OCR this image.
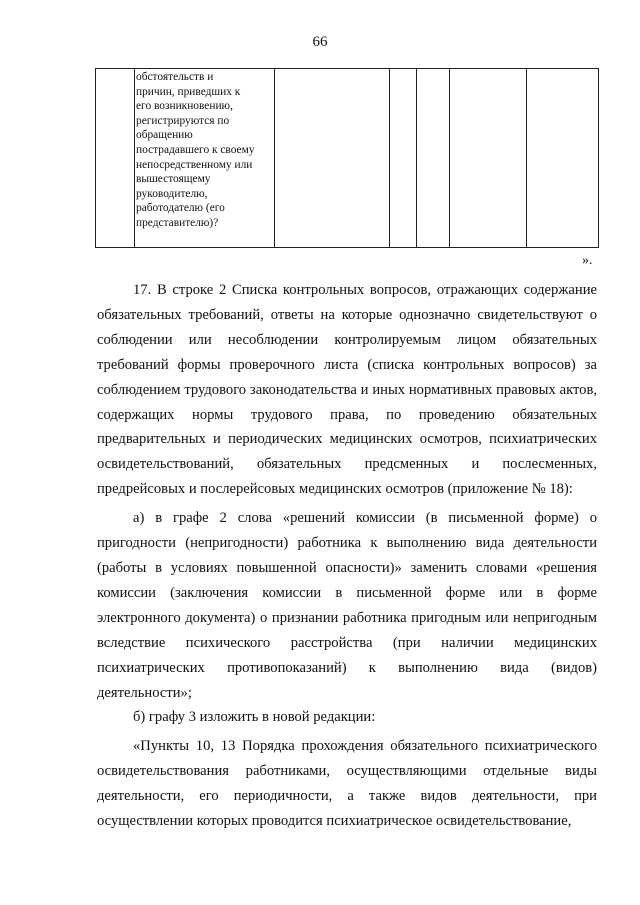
66

обстоятельств и
причин, приведших к
его возникновению,
регистрируются по
обращению
пострадавшего к своему
непосредственному или
вышестоящему
руководителю,
работодателю (его
представителю)?

».

17. В строке 2 Списка контрольных вопросов, отражающих содержание обязательных требований, ответы на которые однозначно свидетельствуют о соблюдении или несоблюдении контролируемым лицом обязательных требований формы проверочного листа (списка контрольных вопросов) за соблюдением трудового законодательства и иных нормативных правовых актов, содержащих нормы трудового права, по проведению обязательных предварительных и периодических медицинских осмотров, психиатрических освидетельствований, обязательных предсменных и послесменных, предрейсовых и послерейсовых медицинских осмотров (приложение № 18):

а) в графе 2 слова «решений комиссии (в письменной форме) о пригодности (непригодности) работника к выполнению вида деятельности (работы в условиях повышенной опасности)» заменить словами «решения комиссии (заключения комиссии в письменной форме или в форме электронного документа) о признании работника пригодным или непригодным вследствие психического расстройства (при наличии медицинских психиатрических противопоказаний) к выполнению вида (видов) деятельности»;

б) графу 3 изложить в новой редакции:

«Пункты 10, 13 Порядка прохождения обязательного психиатрического освидетельствования работниками, осуществляющими отдельные виды деятельности, его периодичности, а также видов деятельности, при осуществлении которых проводится психиатрическое освидетельствование,
